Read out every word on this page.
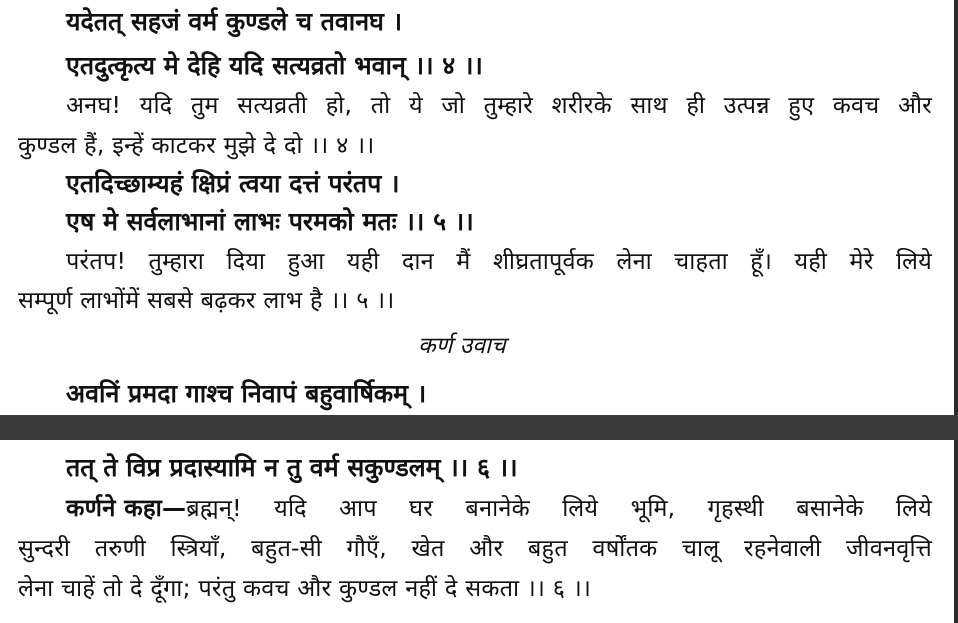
यदेतत् सहजं वर्म कुण्डले च तवानघ ।
एतदुत्कृत्य मे देहि यदि सत्यव्रतो भवान् ।। ४ ।।
अनघ! यदि तुम सत्यव्रती हो, तो ये जो तुम्हारे शरीरके साथ ही उत्पन्न हुए कवच और
कुण्डल हैं, इन्हें काटकर मुझे दे दो ।। ४ ।।
एतदिच्छाम्यहं क्षिप्रं त्वया दत्तं परंतप ।
एष मे सर्वलाभानां लाभः परमको मतः ।। ५ ।।
परंतप! तुम्हारा दिया हुआ यही दान मैं शीघ्रतापूर्वक लेना चाहता हूँ। यही मेरे लिये
सम्पूर्ण लाभोंमें सबसे बढ़कर लाभ है ।। ५ ।।
कर्ण उवाच
अवनिं प्रमदा गाश्च निवापं बहुवार्षिकम् ।
तत् ते विप्र प्रदास्यामि न तु वर्म सकुण्डलम् ।। ६ ।।
कर्णने कहा— ब्रह्मन्! यदि आप घर बनानेके लिये भूमि, गृहस्थी बसानेके लिये
सुन्दरी तरुणी स्त्रियाँ, बहुत-सी गौएँ, खेत और बहुत वर्षोंतक चालू रहनेवाली जीवनवृत्ति
लेना चाहें तो दे दूँगा; परंतु कवच और कुण्डल नहीं दे सकता ।। ६ ।।
